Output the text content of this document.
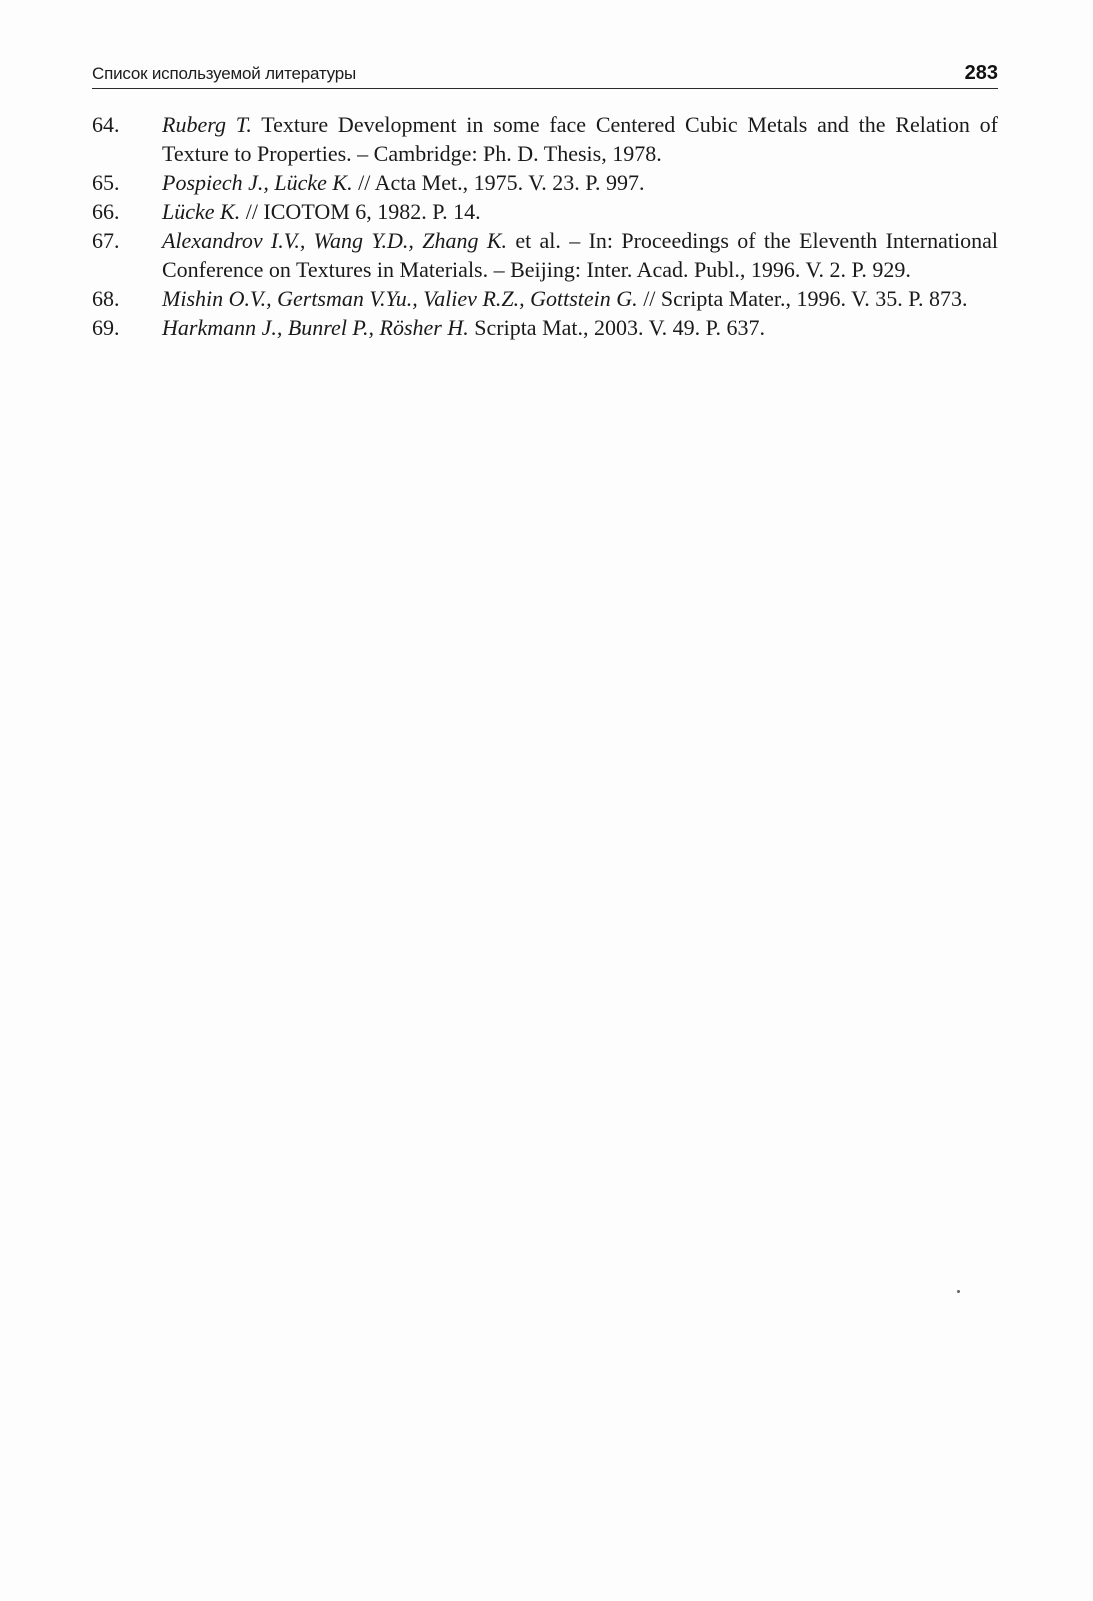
Список используемой литературы	283
64. Ruberg T. Texture Development in some face Centered Cubic Metals and the Relation of Texture to Properties. – Cambridge: Ph. D. Thesis, 1978.
65. Pospiech J., Lücke K. // Acta Met., 1975. V. 23. P. 997.
66. Lücke K. // ICOTOM 6, 1982. P. 14.
67. Alexandrov I.V., Wang Y.D., Zhang K. et al. – In: Proceedings of the Eleventh International Conference on Textures in Materials. – Beijing: Inter. Acad. Publ., 1996. V. 2. P. 929.
68. Mishin O.V., Gertsman V.Yu., Valiev R.Z., Gottstein G. // Scripta Mater., 1996. V. 35. P. 873.
69. Harkmann J., Bunrel P., Rösher H. Scripta Mat., 2003. V. 49. P. 637.
